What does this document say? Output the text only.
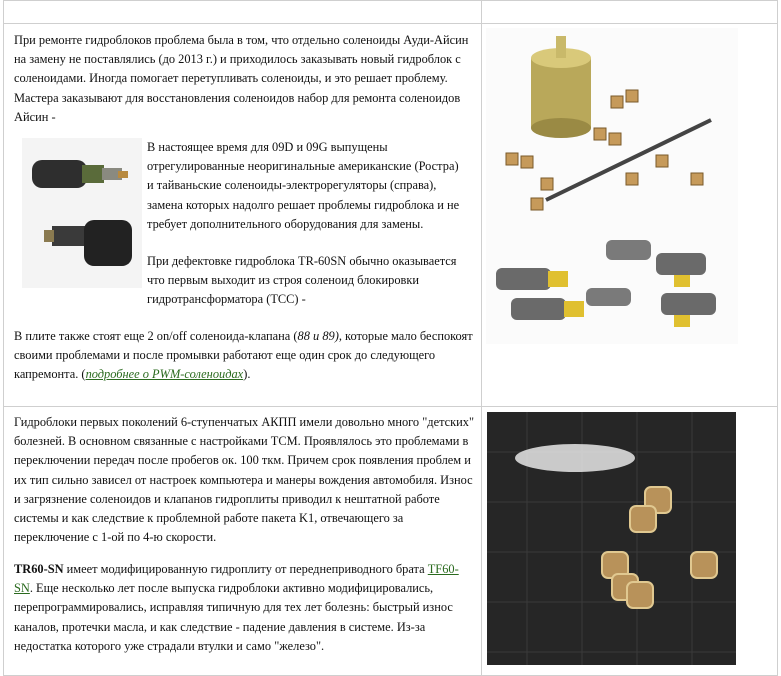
При ремонте гидроблоков проблема была в том, что отдельно соленоиды Ауди-Айсин на замену не поставлялись (до 2013 г.) и приходилось заказывать новый гидроблок с соленоидами. Иногда помогает перетупливать соленоиды, и это решает проблему. Мастера заказывают для восстановления соленоидов набор для ремонта соленоидов Айсин -

В настоящее время для 09D и 09G выпущены отрегулированные неоригинальные американские (Ростра) и тайваньские соленоиды-электрорегуляторы (справа), замена которых надолго решает проблемы гидроблока и не требует дополнительного оборудования для замены.

При дефектовке гидроблока TR-60SN обычно оказывается что первым выходит из строя соленоид блокировки гидротрансформатора (TCC) -

В плите также стоят еще 2 on/off соленоида-клапана (88 и 89), которые мало беспокоят своими проблемами и после промывки работают еще один срок до следующего капремонта. (подробнее о PWM-соленоидах).

Гидроблоки первых поколений 6-ступенчатых АКПП имели довольно много "детских" болезней. В основном связанные с настройками TCM. Проявлялось это проблемами в переключении передач после пробегов ок. 100 ткм. Причем срок появления проблем и их тип сильно зависел от настроек компьютера и манеры вождения автомобиля. Износ и загрязнение соленоидов и клапанов гидроплиты приводил к нештатной работе системы и как следствие к проблемной работе пакета K1, отвечающего за переключение с 1-ой по 4-ю скорости.

TR60-SN имеет модифицированную гидроплиту от переднеприводного брата TF60-SN. Еще несколько лет после выпуска гидроблоки активно модифицировались, перепрограммировались, исправляя типичную для тех лет болезнь: быстрый износ каналов, протечки масла, и как следствие - падение давления в системе. Из-за недостатка которого уже страдали втулки и само "железо".
